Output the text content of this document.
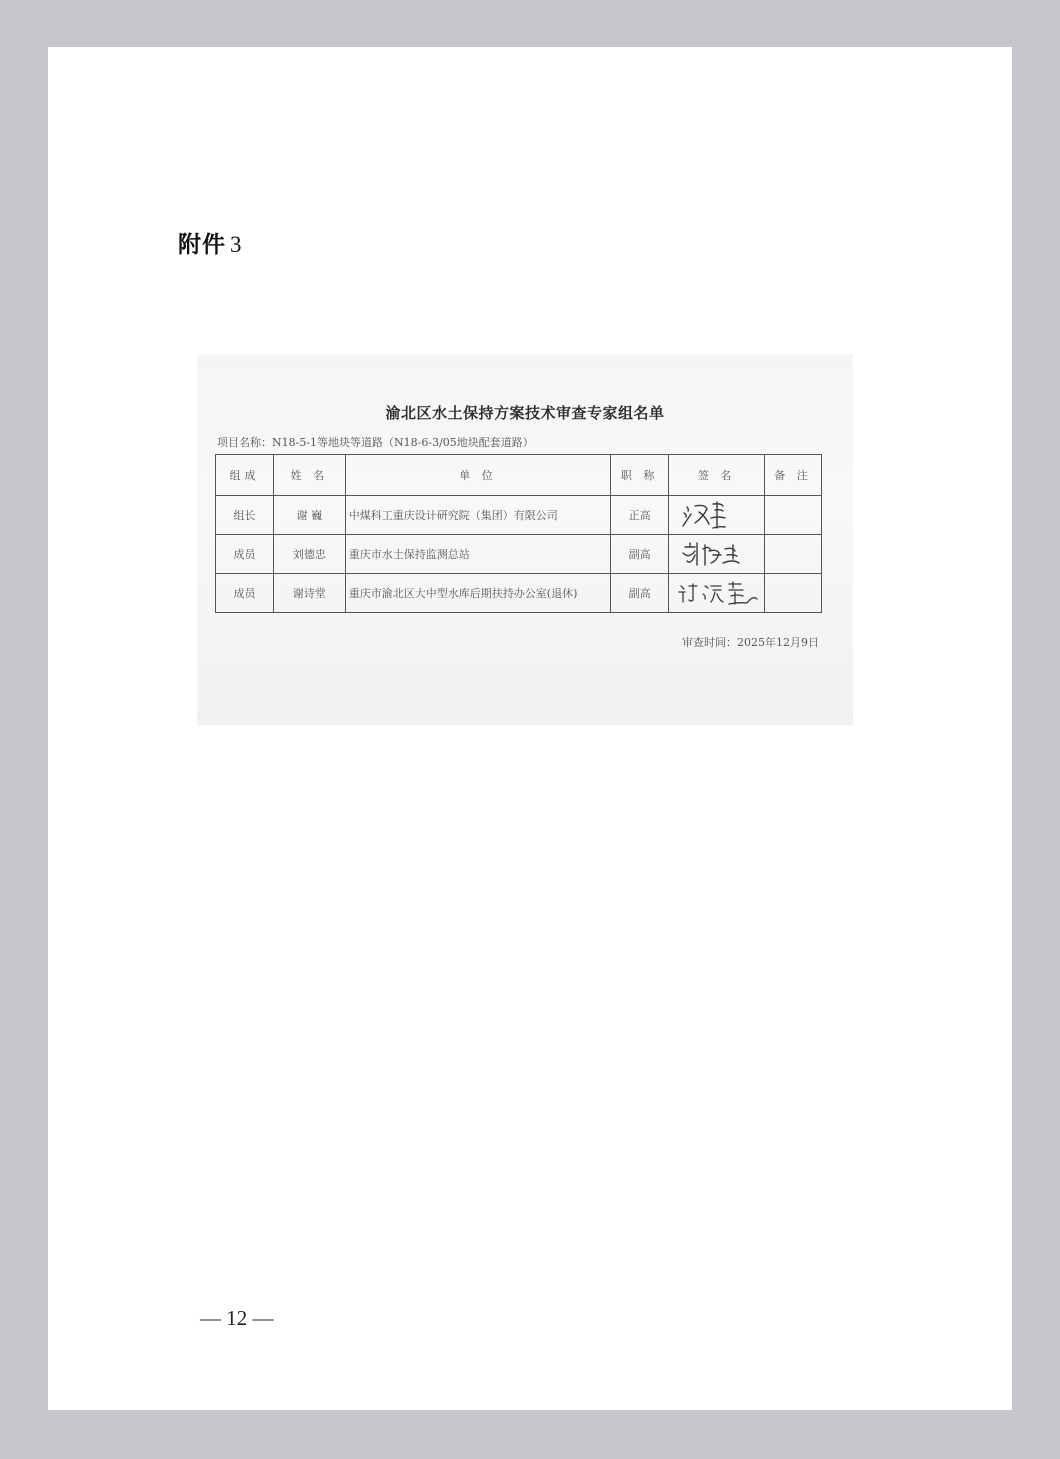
附件 3
渝北区水土保持方案技术审查专家组名单
项目名称：N18-5-1等地块等道路（N18-6-3/05地块配套道路）
组成	姓 名	单 位	职 称	签 名	备 注
组长	谢 巍	中煤科工重庆设计研究院（集团）有限公司	正高	

成员	刘德忠	重庆市水土保持监测总站	副高	

成员	谢诗堂	重庆市渝北区大中型水库后期扶持办公室(退休)	副高	

审查时间：2025年12月9日
— 12 —
